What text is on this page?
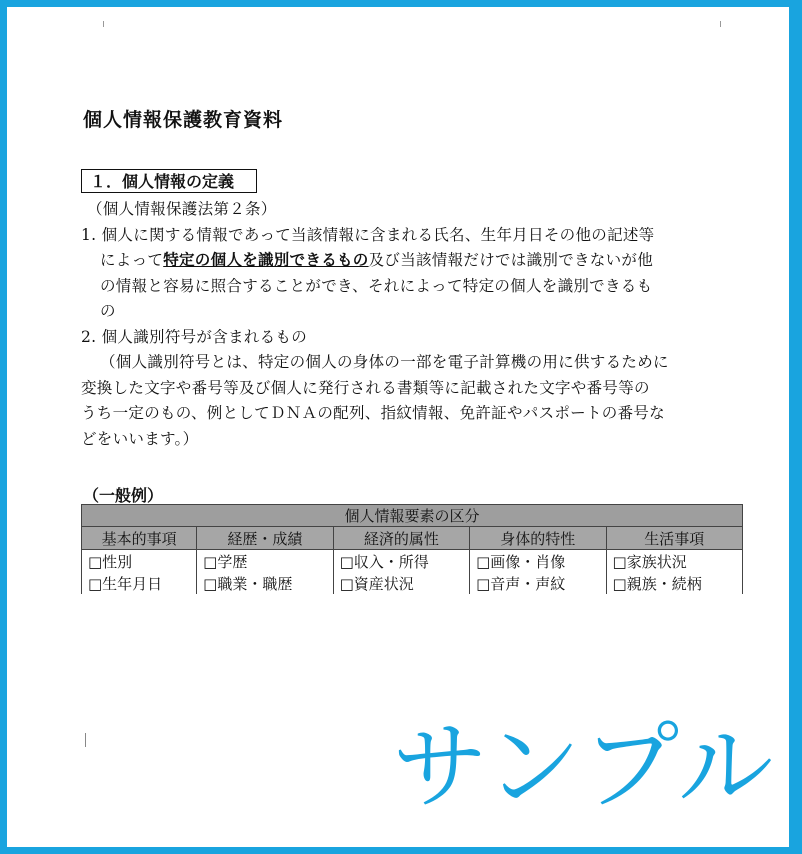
個人情報保護教育資料
１．個人情報の定義
（個人情報保護法第２条）
1. 個人に関する情報であって当該情報に含まれる氏名、生年月日その他の記述等
によって特定の個人を識別できるもの及び当該情報だけでは識別できないが他
の情報と容易に照合することができ、それによって特定の個人を識別できるも
の
2. 個人識別符号が含まれるもの
（個人識別符号とは、特定の個人の身体の一部を電子計算機の用に供するために
変換した文字や番号等及び個人に発行される書類等に記載された文字や番号等の
うち一定のもの、例としてＤＮＡの配列、指紋情報、免許証やパスポートの番号な
どをいいます。）
（一般例）
個人情報要素の区分				
基本的事項	経歴・成績	経済的属性	身体的特性	生活事項
□性別	□学歴	□収入・所得	□画像・肖像	□家族状況
□生年月日	□職業・職歴	□資産状況	□音声・声紋	□親族・続柄
サンプル
